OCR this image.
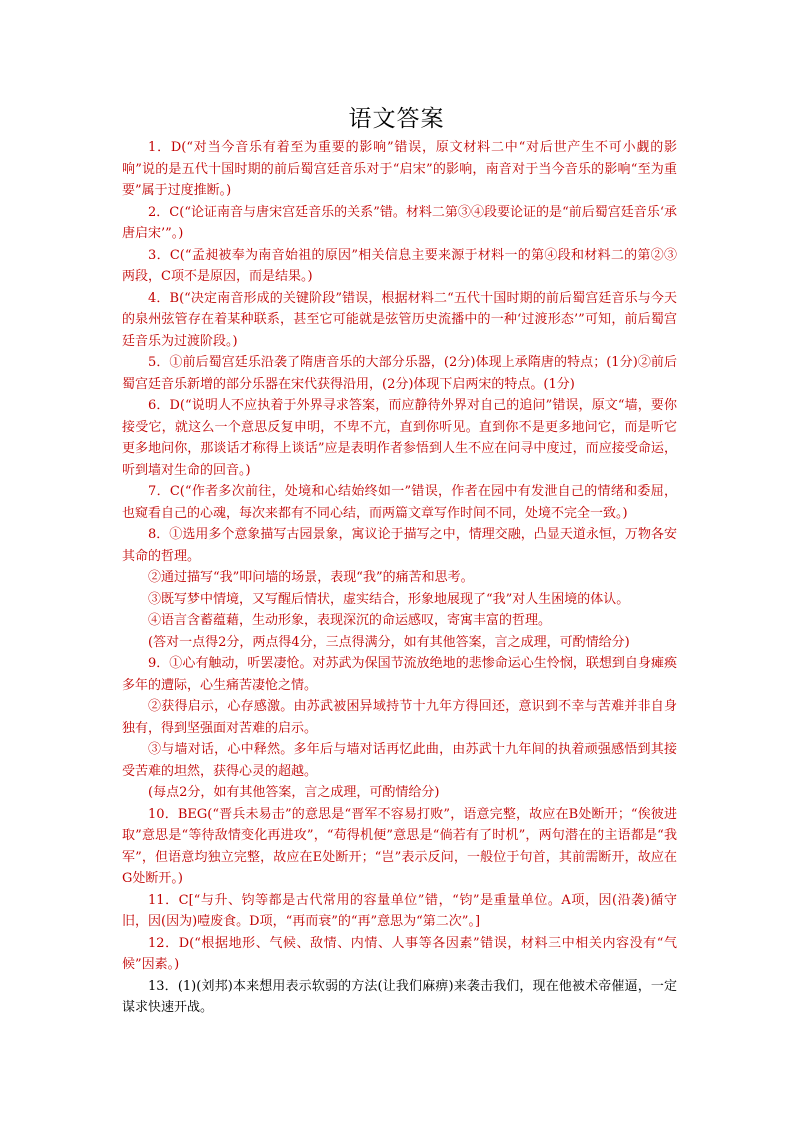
语文答案

1．D(“对当今音乐有着至为重要的影响”错误，原文材料二中“对后世产生不可小觑的影响”说的是五代十国时期的前后蜀宫廷音乐对于“启宋”的影响，南音对于当今音乐的影响“至为重要”属于过度推断。)

2．C(“论证南音与唐宋宫廷音乐的关系”错。材料二第③④段要论证的是“前后蜀宫廷音乐‘承唐启宋’”。)

3．C(“孟昶被奉为南音始祖的原因”相关信息主要来源于材料一的第④段和材料二的第②③两段，C项不是原因，而是结果。)

4．B(“决定南音形成的关键阶段”错误，根据材料二“五代十国时期的前后蜀宫廷音乐与今天的泉州弦管存在着某种联系，甚至它可能就是弦管历史流播中的一种‘过渡形态’”可知，前后蜀宫廷音乐为过渡阶段。)

5．①前后蜀宫廷乐沿袭了隋唐音乐的大部分乐器，(2分)体现上承隋唐的特点；(1分)②前后蜀宫廷音乐新增的部分乐器在宋代获得沿用，(2分)体现下启两宋的特点。(1分)

6．D(“说明人不应执着于外界寻求答案，而应静待外界对自己的追问”错误，原文“墙，要你接受它，就这么一个意思反复申明，不卑不亢，直到你听见。直到你不是更多地问它，而是听它更多地问你，那谈话才称得上谈话”应是表明作者参悟到人生不应在问寻中度过，而应接受命运，听到墙对生命的回音。)

7．C(“作者多次前往，处境和心结始终如一”错误，作者在园中有发泄自己的情绪和委屈，也窥看自己的心魂，每次来都有不同心结，而两篇文章写作时间不同，处境不完全一致。)

8．①选用多个意象描写古园景象，寓议论于描写之中，情理交融，凸显天道永恒，万物各安其命的哲理。

②通过描写“我”叩问墙的场景，表现“我”的痛苦和思考。

③既写梦中情境，又写醒后情状，虚实结合，形象地展现了“我”对人生困境的体认。

④语言含蓄蕴藉，生动形象，表现深沉的命运感叹，寄寓丰富的哲理。

(答对一点得2分，两点得4分，三点得满分，如有其他答案，言之成理，可酌情给分)

9．①心有触动，听罢凄怆。对苏武为保国节流放绝地的悲惨命运心生怜悯，联想到自身瘫痪多年的遭际，心生痛苦凄怆之情。

②获得启示，心存感激。由苏武被困异域持节十九年方得回还，意识到不幸与苦难并非自身独有，得到坚强面对苦难的启示。

③与墙对话，心中释然。多年后与墙对话再忆此曲，由苏武十九年间的执着顽强感悟到其接受苦难的坦然，获得心灵的超越。

(每点2分，如有其他答案，言之成理，可酌情给分)

10．BEG(“晋兵未易击”的意思是“晋军不容易打败”，语意完整，故应在B处断开；“俟彼进取”意思是“等待敌情变化再进攻”，“苟得机便”意思是“倘若有了时机”，两句潜在的主语都是“我军”，但语意均独立完整，故应在E处断开；“岂”表示反问，一般位于句首，其前需断开，故应在G处断开。)

11．C[“与升、钧等都是古代常用的容量单位”错，“钧”是重量单位。A项，因(沿袭)循守旧，因(因为)噎废食。D项，“再而衰”的“再”意思为“第二次”。]

12．D(“根据地形、气候、敌情、内情、人事等各因素”错误，材料三中相关内容没有“气候”因素。)

13．(1)(刘邦)本来想用表示软弱的方法(让我们麻痹)来袭击我们，现在他被术帝催逼，一定谋求快速开战。
